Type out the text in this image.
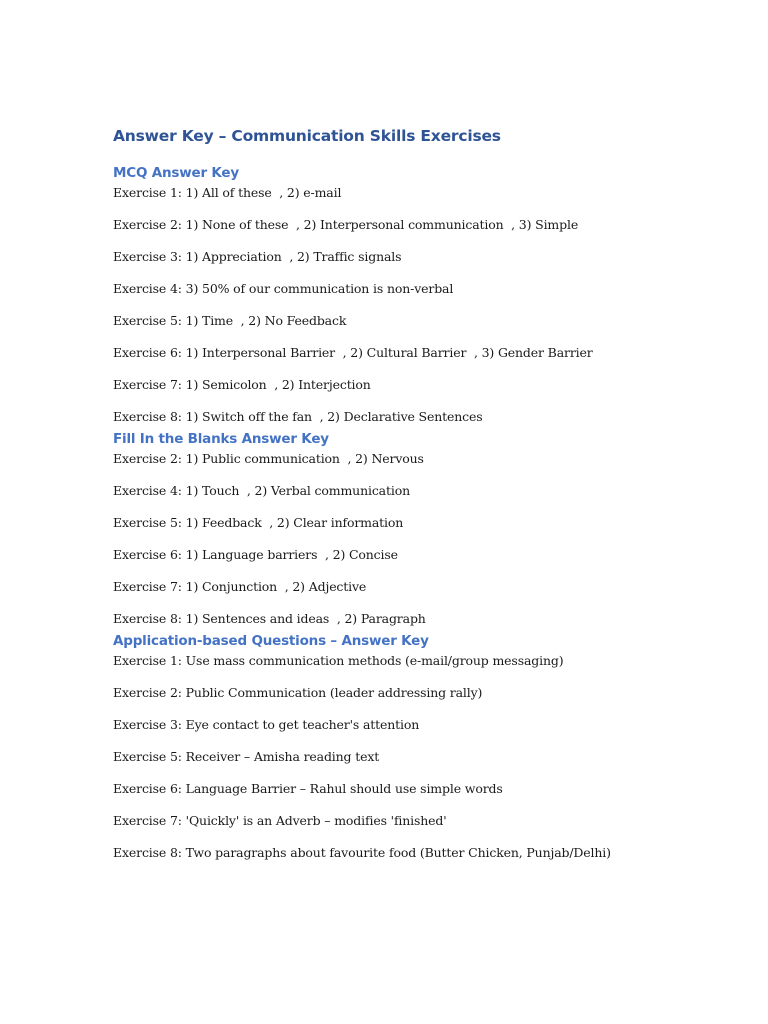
Answer Key – Communication Skills Exercises
MCQ Answer Key
Exercise 1: 1) All of these  , 2) e-mail
Exercise 2: 1) None of these  , 2) Interpersonal communication  , 3) Simple
Exercise 3: 1) Appreciation  , 2) Traffic signals
Exercise 4: 3) 50% of our communication is non-verbal
Exercise 5: 1) Time  , 2) No Feedback
Exercise 6: 1) Interpersonal Barrier  , 2) Cultural Barrier  , 3) Gender Barrier
Exercise 7: 1) Semicolon  , 2) Interjection
Exercise 8: 1) Switch off the fan  , 2) Declarative Sentences
Fill In the Blanks Answer Key
Exercise 2: 1) Public communication  , 2) Nervous
Exercise 4: 1) Touch  , 2) Verbal communication
Exercise 5: 1) Feedback  , 2) Clear information
Exercise 6: 1) Language barriers  , 2) Concise
Exercise 7: 1) Conjunction  , 2) Adjective
Exercise 8: 1) Sentences and ideas  , 2) Paragraph
Application-based Questions – Answer Key
Exercise 1: Use mass communication methods (e-mail/group messaging)
Exercise 2: Public Communication (leader addressing rally)
Exercise 3: Eye contact to get teacher's attention
Exercise 5: Receiver – Amisha reading text
Exercise 6: Language Barrier – Rahul should use simple words
Exercise 7: 'Quickly' is an Adverb – modifies 'finished'
Exercise 8: Two paragraphs about favourite food (Butter Chicken, Punjab/Delhi)
